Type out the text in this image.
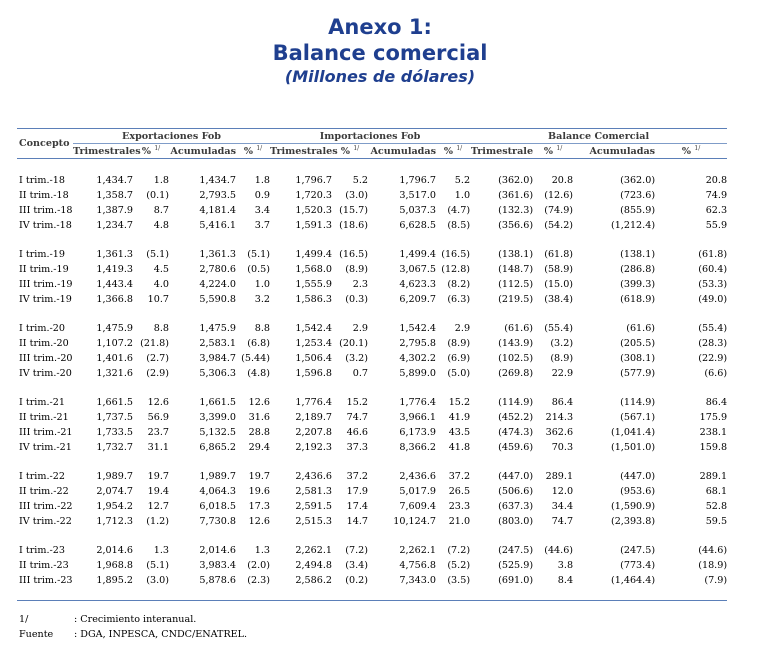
Anexo 1:
Balance comercial
(Millones de dólares)
Concepto	Exportaciones Fob				Importaciones Fob				Balance Comercial			
	Trimestrales	% $^{1/}$	Acumuladas	% $^{1/}$	Trimestrales	% $^{1/}$	Acumuladas	% $^{1/}$	Trimestrale	% $^{1/}$	Acumuladas	% $^{1/}$

I trim.-18	1,434.7	1.8	1,434.7	1.8	1,796.7	5.2	1,796.7	5.2	(362.0)	20.8	(362.0)	20.8
II trim.-18	1,358.7	(0.1)	2,793.5	0.9	1,720.3	(3.0)	3,517.0	1.0	(361.6)	(12.6)	(723.6)	74.9
III trim.-18	1,387.9	8.7	4,181.4	3.4	1,520.3	(15.7)	5,037.3	(4.7)	(132.3)	(74.9)	(855.9)	62.3
IV trim.-18	1,234.7	4.8	5,416.1	3.7	1,591.3	(18.6)	6,628.5	(8.5)	(356.6)	(54.2)	(1,212.4)	55.9

I trim.-19	1,361.3	(5.1)	1,361.3	(5.1)	1,499.4	(16.5)	1,499.4	(16.5)	(138.1)	(61.8)	(138.1)	(61.8)
II trim.-19	1,419.3	4.5	2,780.6	(0.5)	1,568.0	(8.9)	3,067.5	(12.8)	(148.7)	(58.9)	(286.8)	(60.4)
III trim.-19	1,443.4	4.0	4,224.0	1.0	1,555.9	2.3	4,623.3	(8.2)	(112.5)	(15.0)	(399.3)	(53.3)
IV trim.-19	1,366.8	10.7	5,590.8	3.2	1,586.3	(0.3)	6,209.7	(6.3)	(219.5)	(38.4)	(618.9)	(49.0)

I trim.-20	1,475.9	8.8	1,475.9	8.8	1,542.4	2.9	1,542.4	2.9	(61.6)	(55.4)	(61.6)	(55.4)
II trim.-20	1,107.2	(21.8)	2,583.1	(6.8)	1,253.4	(20.1)	2,795.8	(8.9)	(143.9)	(3.2)	(205.5)	(28.3)
III trim.-20	1,401.6	(2.7)	3,984.7	(5.44)	1,506.4	(3.2)	4,302.2	(6.9)	(102.5)	(8.9)	(308.1)	(22.9)
IV trim.-20	1,321.6	(2.9)	5,306.3	(4.8)	1,596.8	0.7	5,899.0	(5.0)	(269.8)	22.9	(577.9)	(6.6)

I trim.-21	1,661.5	12.6	1,661.5	12.6	1,776.4	15.2	1,776.4	15.2	(114.9)	86.4	(114.9)	86.4
II trim.-21	1,737.5	56.9	3,399.0	31.6	2,189.7	74.7	3,966.1	41.9	(452.2)	214.3	(567.1)	175.9
III trim.-21	1,733.5	23.7	5,132.5	28.8	2,207.8	46.6	6,173.9	43.5	(474.3)	362.6	(1,041.4)	238.1
IV trim.-21	1,732.7	31.1	6,865.2	29.4	2,192.3	37.3	8,366.2	41.8	(459.6)	70.3	(1,501.0)	159.8

I trim.-22	1,989.7	19.7	1,989.7	19.7	2,436.6	37.2	2,436.6	37.2	(447.0)	289.1	(447.0)	289.1
II trim.-22	2,074.7	19.4	4,064.3	19.6	2,581.3	17.9	5,017.9	26.5	(506.6)	12.0	(953.6)	68.1
III trim.-22	1,954.2	12.7	6,018.5	17.3	2,591.5	17.4	7,609.4	23.3	(637.3)	34.4	(1,590.9)	52.8
IV trim.-22	1,712.3	(1.2)	7,730.8	12.6	2,515.3	14.7	10,124.7	21.0	(803.0)	74.7	(2,393.8)	59.5

I trim.-23	2,014.6	1.3	2,014.6	1.3	2,262.1	(7.2)	2,262.1	(7.2)	(247.5)	(44.6)	(247.5)	(44.6)
II trim.-23	1,968.8	(5.1)	3,983.4	(2.0)	2,494.8	(3.4)	4,756.8	(5.2)	(525.9)	3.8	(773.4)	(18.9)
III trim.-23	1,895.2	(3.0)	5,878.6	(2.3)	2,586.2	(0.2)	7,343.0	(3.5)	(691.0)	8.4	(1,464.4)	(7.9)

1/	: Crecimiento interanual.
Fuente : DGA, INPESCA, CNDC/ENATREL.
